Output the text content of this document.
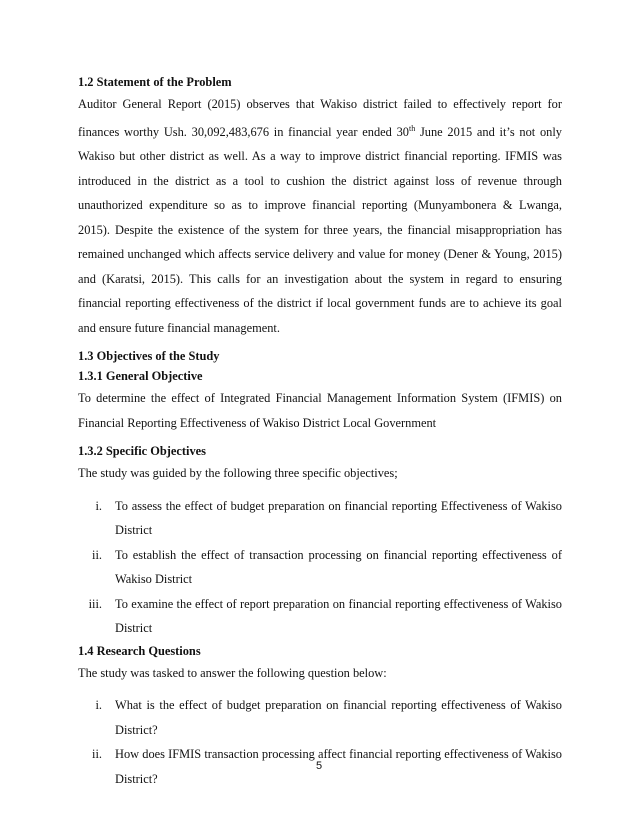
1.2 Statement of the Problem

Auditor General Report (2015) observes that Wakiso district failed to effectively report for finances worthy Ush. 30,092,483,676 in financial year ended 30th June 2015 and it’s not only Wakiso but other district as well. As a way to improve district financial reporting. IFMIS was introduced in the district as a tool to cushion the district against loss of revenue through unauthorized expenditure so as to improve financial reporting (Munyambonera & Lwanga, 2015). Despite the existence of the system for three years, the financial misappropriation has remained unchanged which affects service delivery and value for money (Dener & Young, 2015) and (Karatsi, 2015). This calls for an investigation about the system in regard to ensuring financial reporting effectiveness of the district if local government funds are to achieve its goal and ensure future financial management.

1.3 Objectives of the Study

1.3.1 General Objective

To determine the effect of Integrated Financial Management Information System (IFMIS) on Financial Reporting Effectiveness of Wakiso District Local Government

1.3.2 Specific Objectives

The study was guided by the following three specific objectives;

i. To assess the effect of budget preparation on financial reporting Effectiveness of Wakiso District
ii. To establish the effect of transaction processing on financial reporting effectiveness of Wakiso District
iii. To examine the effect of report preparation on financial reporting effectiveness of Wakiso District

1.4 Research Questions

The study was tasked to answer the following question below:

i. What is the effect of budget preparation on financial reporting effectiveness of Wakiso District?
ii. How does IFMIS transaction processing affect financial reporting effectiveness of Wakiso District?
5
